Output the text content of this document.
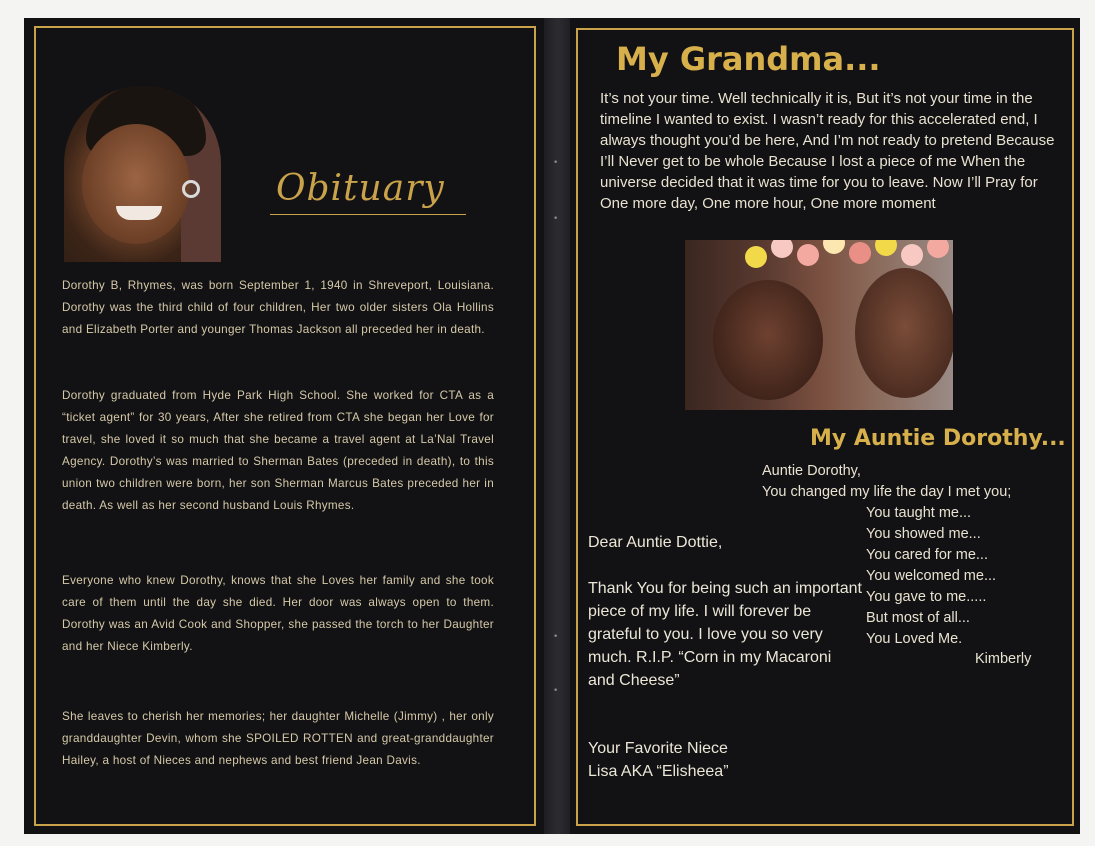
Obituary

Dorothy B, Rhymes, was born September 1, 1940 in Shreveport, Louisiana. Dorothy was the third child of four children, Her two older sisters Ola Hollins and Elizabeth Porter and younger Thomas Jackson all preceded her in death.

Dorothy graduated from Hyde Park High School. She worked for CTA as a “ticket agent” for 30 years, After she retired from CTA she began her Love for travel, she loved it so much that she became a travel agent at La’Nal Travel Agency. Dorothy’s was married to Sherman Bates (preceded in death), to this union two children were born, her son Sherman Marcus Bates preceded her in death. As well as her second husband Louis Rhymes.

Everyone who knew Dorothy, knows that she Loves her family and she took care of them until the day she died. Her door was always open to them. Dorothy was an Avid Cook and Shopper, she passed the torch to her Daughter and her Niece Kimberly.

She leaves to cherish her memories; her daughter Michelle (Jimmy) , her only granddaughter Devin, whom she SPOILED ROTTEN and great-granddaughter Hailey, a host of Nieces and nephews and best friend Jean Davis.

•
•
•
•
My Grandma...

It’s not your time. Well technically it is, But it’s not your time in the timeline I wanted to exist. I wasn’t ready for this accelerated end, I always thought you’d be here, And I’m not ready to pretend Because I’ll Never get to be whole Because I lost a piece of me When the universe decided that it was time for you to leave. Now I’ll Pray for One more day, One more hour, One more moment

My Auntie Dorothy...
Auntie Dorothy,
You changed my life the day I met you;
You taught me...
You showed me...
You cared for me...
You welcomed me...
You gave to me.....
But most of all...
You Loved Me.
Kimberly

Dear Auntie Dottie,

Thank You for being such an important piece of my life. I will forever be grateful to you. I love you so very much. R.I.P. “Corn in my Macaroni and Cheese”

Your Favorite Niece

Lisa AKA “Elisheea”
